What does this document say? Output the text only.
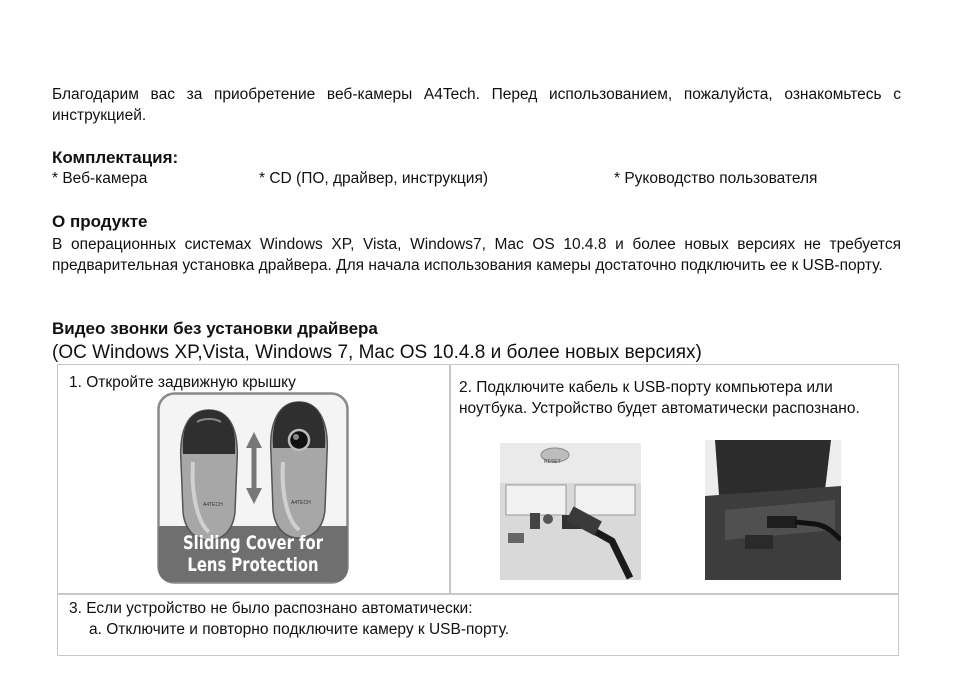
Благодарим вас за приобретение веб-камеры A4Tech. Перед использованием, пожалуйста, ознакомьтесь с инструкцией.
Комплектация:
* Веб-камера	* CD (ПО, драйвер, инструкция)	* Руководство пользователя
О продукте
В операционных системах Windows XP, Vista, Windows7, Mac OS 10.4.8 и более новых версиях не требуется предварительная установка драйвера. Для начала использования камеры достаточно подключить ее к USB-порту.
Видео звонки без установки драйвера
(ОС Windows XP,Vista, Windows 7, Mac OS 10.4.8 и более новых версиях)
1. Откройте задвижную крышку
A4TECH	A4TECH
Sliding Cover for
Lens Protection
2. Подключите кабель к USB-порту компьютера или ноутбука. Устройство будет автоматически распознано.
RESET
3. Если устройство не было распознано автоматически:
a. Отключите и повторно подключите камеру к USB-порту.
